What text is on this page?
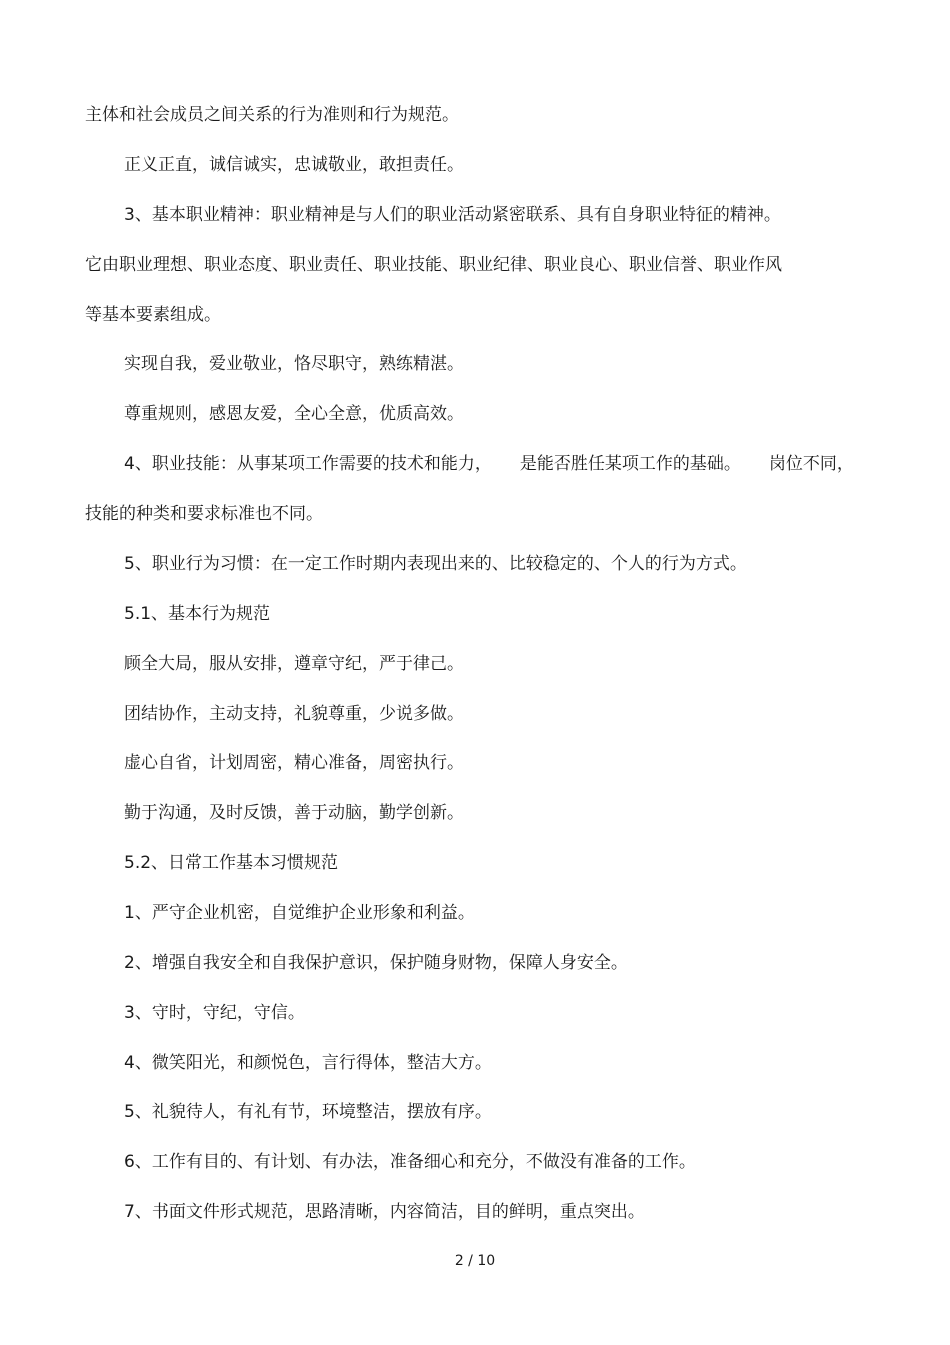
主体和社会成员之间关系的行为准则和行为规范。
正义正直，诚信诚实，忠诚敬业，敢担责任。
3、基本职业精神：职业精神是与人们的职业活动紧密联系、具有自身职业特征的精神。
它由职业理想、职业态度、职业责任、职业技能、职业纪律、职业良心、职业信誉、职业作风
等基本要素组成。
实现自我，爱业敬业，恪尽职守，熟练精湛。
尊重规则，感恩友爱，全心全意，优质高效。
4、职业技能：从事某项工作需要的技术和能力， 是能否胜任某项工作的基础。 岗位不同，
技能的种类和要求标准也不同。
5、职业行为习惯：在一定工作时期内表现出来的、比较稳定的、个人的行为方式。
5.1、基本行为规范
顾全大局，服从安排，遵章守纪，严于律己。
团结协作，主动支持，礼貌尊重，少说多做。
虚心自省，计划周密，精心准备，周密执行。
勤于沟通，及时反馈，善于动脑，勤学创新。
5.2、日常工作基本习惯规范
1、严守企业机密，自觉维护企业形象和利益。
2、增强自我安全和自我保护意识，保护随身财物，保障人身安全。
3、守时，守纪，守信。
4、微笑阳光，和颜悦色，言行得体，整洁大方。
5、礼貌待人，有礼有节，环境整洁，摆放有序。
6、工作有目的、有计划、有办法，准备细心和充分，不做没有准备的工作。
7、书面文件形式规范，思路清晰，内容简洁，目的鲜明，重点突出。
2 / 10
